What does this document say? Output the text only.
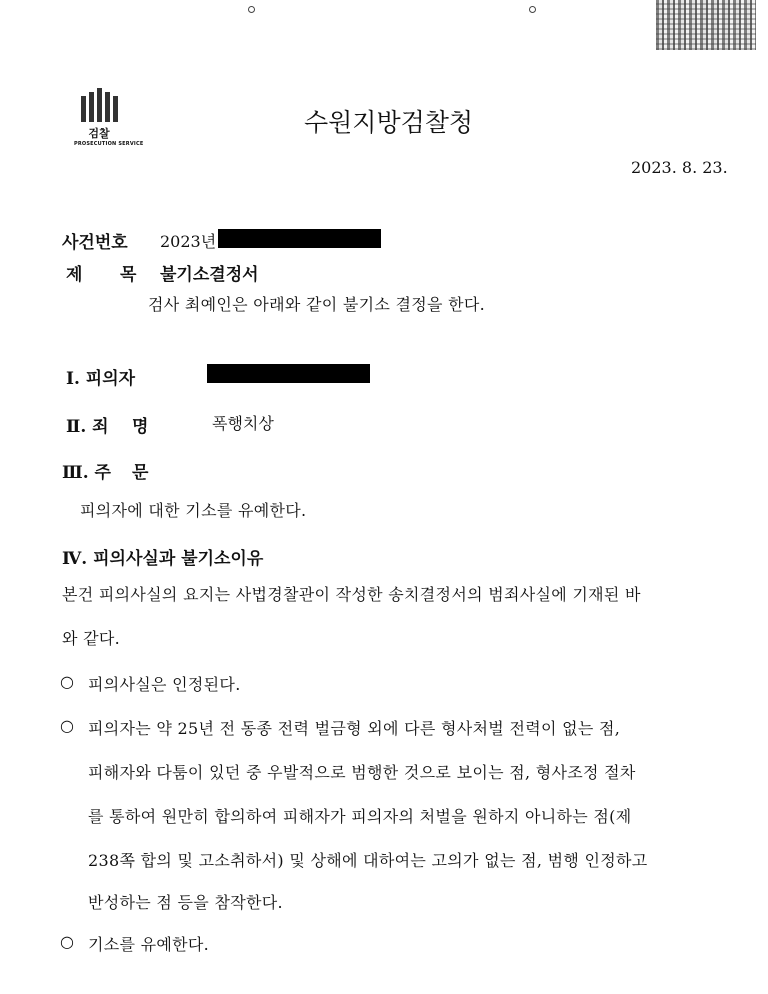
검찰
PROSECUTION SERVICE
수원지방검찰청
2023. 8. 23.
사건번호 2023년
제 목 불기소결정서
검사 최예인은 아래와 같이 불기소 결정을 한다.
Ⅰ. 피의자
Ⅱ. 죄 명	폭행치상
Ⅲ. 주 문
피의자에 대한 기소를 유예한다.
Ⅳ. 피의사실과 불기소이유
본건 피의사실의 요지는 사법경찰관이 작성한 송치결정서의 범죄사실에 기재된 바
와 같다.
○ 피의사실은 인정된다.
○ 피의자는 약 25년 전 동종 전력 벌금형 외에 다른 형사처벌 전력이 없는 점,
피해자와 다툼이 있던 중 우발적으로 범행한 것으로 보이는 점, 형사조정 절차
를 통하여 원만히 합의하여 피해자가 피의자의 처벌을 원하지 아니하는 점(제
238쪽 합의 및 고소취하서) 및 상해에 대하여는 고의가 없는 점, 범행 인정하고
반성하는 점 등을 참작한다.
○ 기소를 유예한다.
